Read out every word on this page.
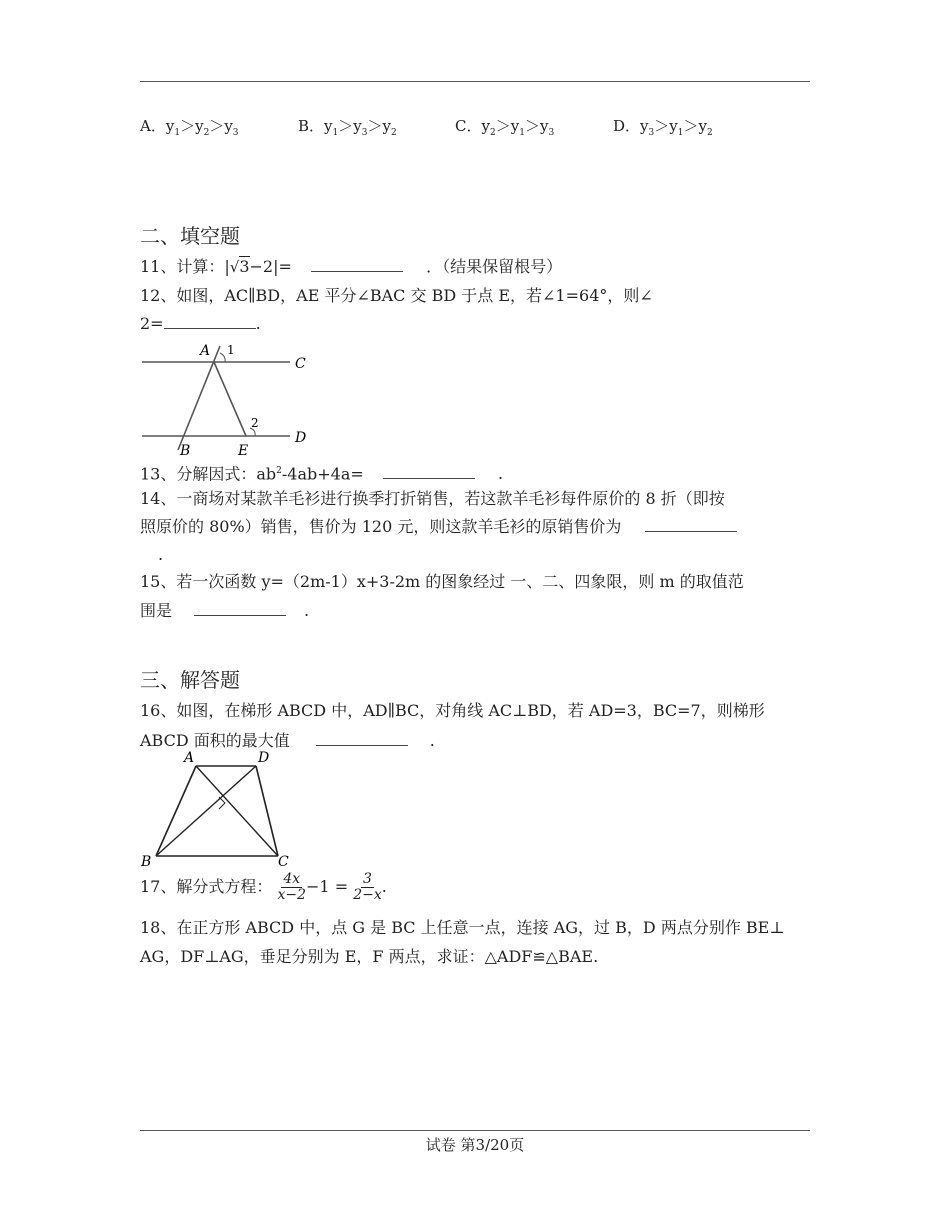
A．$y_1>y_2>y_3$	B．$y_1>y_3>y_2$	C．$y_2>y_1>y_3$	D．$y_3>y_1>y_2$
二、填空题
11、计算：|√3−2|=	．（结果保留根号）
12、如图，AC∥BD，AE 平分∠BAC 交 BD 于点 E，若∠1=64°，则∠
2=	.
A 1
C
2
B	E
D
13、分解因式：$ab^2-4ab+4a=$	.
14、一商场对某款羊毛衫进行换季打折销售，若这款羊毛衫每件原价的 8 折（即按
照原价的 80%）销售，售价为 120 元，则这款羊毛衫的原销售价为
.
15、若一次函数 y=（2m-1）x+3-2m 的图象经过 一、二、四象限，则 m 的取值范
围是	.
三、解答题
16、如图，在梯形 ABCD 中，AD∥BC，对角线 AC⊥BD，若 AD=3，BC=7，则梯形
ABCD 面积的最大值	.
A	D
B	C
17、解分式方程： $\frac{4x}{x-2} -1 = \frac{3}{2-x}$ .
18、在正方形 ABCD 中，点 G 是 BC 上任意一点，连接 AG，过 B，D 两点分别作 BE⊥
AG，DF⊥AG，垂足分别为 E，F 两点，求证：△ADF≌△BAE.
试卷 第3/20页
